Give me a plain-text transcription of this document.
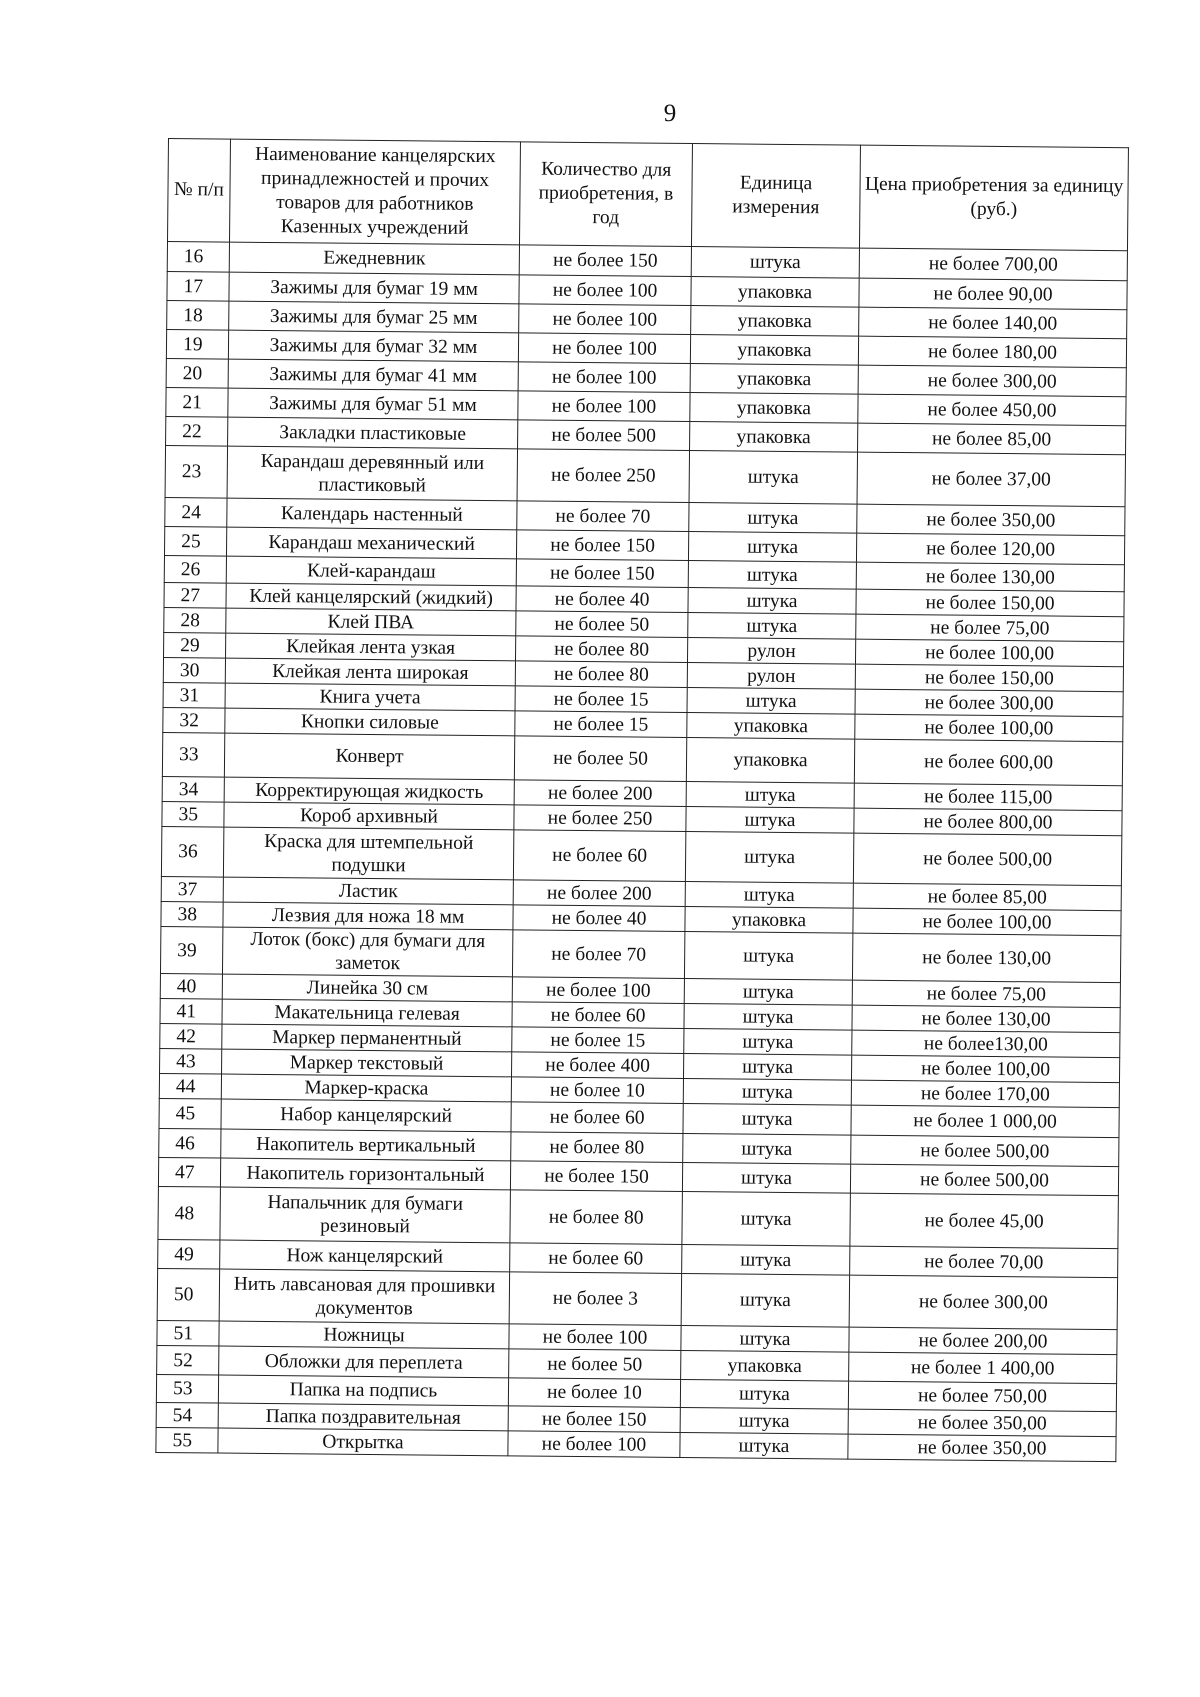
9
№ п/п	Наименование канцелярских принадлежностей и прочих товаров для работников Казенных учреждений	Количество для приобретения, в год	Единица измерения	Цена приобретения за единицу (руб.)
16	Ежедневник	не более 150	штука	не более 700,00
17	Зажимы для бумаг 19 мм	не более 100	упаковка	не более 90,00
18	Зажимы для бумаг 25 мм	не более 100	упаковка	не более 140,00
19	Зажимы для бумаг 32 мм	не более 100	упаковка	не более 180,00
20	Зажимы для бумаг 41 мм	не более 100	упаковка	не более 300,00
21	Зажимы для бумаг 51 мм	не более 100	упаковка	не более 450,00
22	Закладки пластиковые	не более 500	упаковка	не более 85,00
23	Карандаш деревянный или пластиковый	не более 250	штука	не более 37,00
24	Календарь настенный	не более 70	штука	не более 350,00
25	Карандаш механический	не более 150	штука	не более 120,00
26	Клей-карандаш	не более 150	штука	не более 130,00
27	Клей канцелярский (жидкий)	не более 40	штука	не более 150,00
28	Клей ПВА	не более 50	штука	не более 75,00
29	Клейкая лента узкая	не более 80	рулон	не более 100,00
30	Клейкая лента широкая	не более 80	рулон	не более 150,00
31	Книга учета	не более 15	штука	не более 300,00
32	Кнопки силовые	не более 15	упаковка	не более 100,00
33	Конверт	не более 50	упаковка	не более 600,00
34	Корректирующая жидкость	не более 200	штука	не более 115,00
35	Короб архивный	не более 250	штука	не более 800,00
36	Краска для штемпельной подушки	не более 60	штука	не более 500,00
37	Ластик	не более 200	штука	не более 85,00
38	Лезвия для ножа 18 мм	не более 40	упаковка	не более 100,00
39	Лоток (бокс) для бумаги для заметок	не более 70	штука	не более 130,00
40	Линейка 30 см	не более 100	штука	не более 75,00
41	Макательница гелевая	не более 60	штука	не более 130,00
42	Маркер перманентный	не более 15	штука	не более130,00
43	Маркер текстовый	не более 400	штука	не более 100,00
44	Маркер-краска	не более 10	штука	не более 170,00
45	Набор канцелярский	не более 60	штука	не более 1 000,00
46	Накопитель вертикальный	не более 80	штука	не более 500,00
47	Накопитель горизонтальный	не более 150	штука	не более 500,00
48	Напальчник для бумаги резиновый	не более 80	штука	не более 45,00
49	Нож канцелярский	не более 60	штука	не более 70,00
50	Нить лавсановая для прошивки документов	не более 3	штука	не более 300,00
51	Ножницы	не более 100	штука	не более 200,00
52	Обложки для переплета	не более 50	упаковка	не более 1 400,00
53	Папка на подпись	не более 10	штука	не более 750,00
54	Папка поздравительная	не более 150	штука	не более 350,00
55	Открытка	не более 100	штука	не более 350,00
